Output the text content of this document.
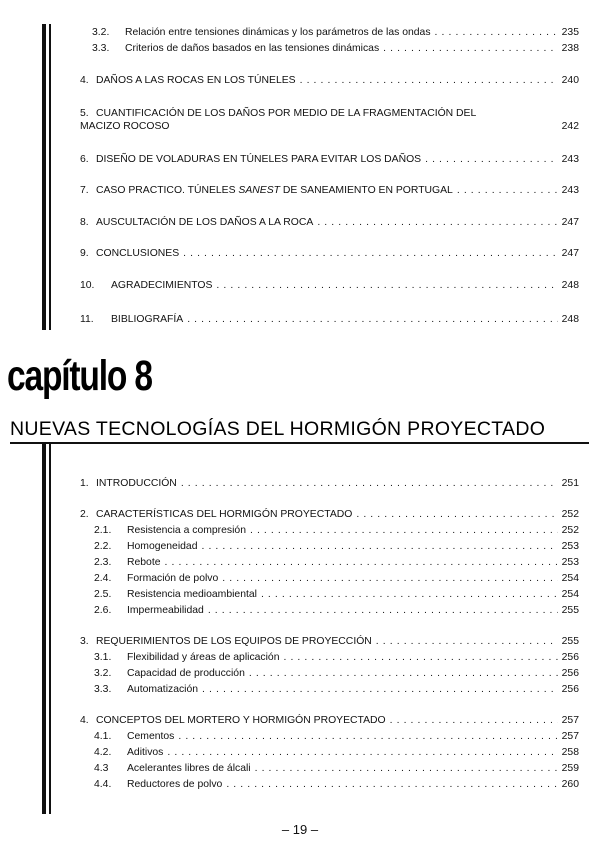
3.2.	Relación entre tensiones dinámicas y los parámetros de las ondas . . .	235
3.3.	Criterios de daños basados en las tensiones dinámicas . . .	238
4. DAÑOS A LAS ROCAS EN LOS TÚNELES . . .	240
5. CUANTIFICACIÓN DE LOS DAÑOS POR MEDIO DE LA FRAGMENTACIÓN DEL
MACIZO ROCOSO	242
6. DISEÑO DE VOLADURAS EN TÚNELES PARA EVITAR LOS DAÑOS . . .	243
7. CASO PRACTICO. TÚNELES SANEST DE SANEAMIENTO EN PORTUGAL . . .	243
8. AUSCULTACIÓN DE LOS DAÑOS A LA ROCA . . .	247
9. CONCLUSIONES . . .	247
10.	AGRADECIMIENTOS . . .	248
11.	BIBLIOGRAFÍA . . .	248
capítulo 8
NUEVAS TECNOLOGÍAS DEL HORMIGÓN PROYECTADO
1. INTRODUCCIÓN . . .	251
2. CARACTERÍSTICAS DEL HORMIGÓN PROYECTADO . . .	252
2.1.	Resistencia a compresión . . .	252
2.2.	Homogeneidad . . .	253
2.3.	Rebote . . .	253
2.4.	Formación de polvo . . .	254
2.5.	Resistencia medioambiental . . .	254
2.6.	Impermeabilidad . . .	255
3. REQUERIMIENTOS DE LOS EQUIPOS DE PROYECCIÓN . . .	255
3.1.	Flexibilidad y áreas de aplicación . . .	256
3.2.	Capacidad de producción . . .	256
3.3.	Automatización . . .	256
4. CONCEPTOS DEL MORTERO Y HORMIGÓN PROYECTADO . . .	257
4.1.	Cementos . . .	257
4.2.	Aditivos . . .	258
4.3	Acelerantes libres de álcali . . .	259
4.4.	Reductores de polvo . . .	260
– 19 –
